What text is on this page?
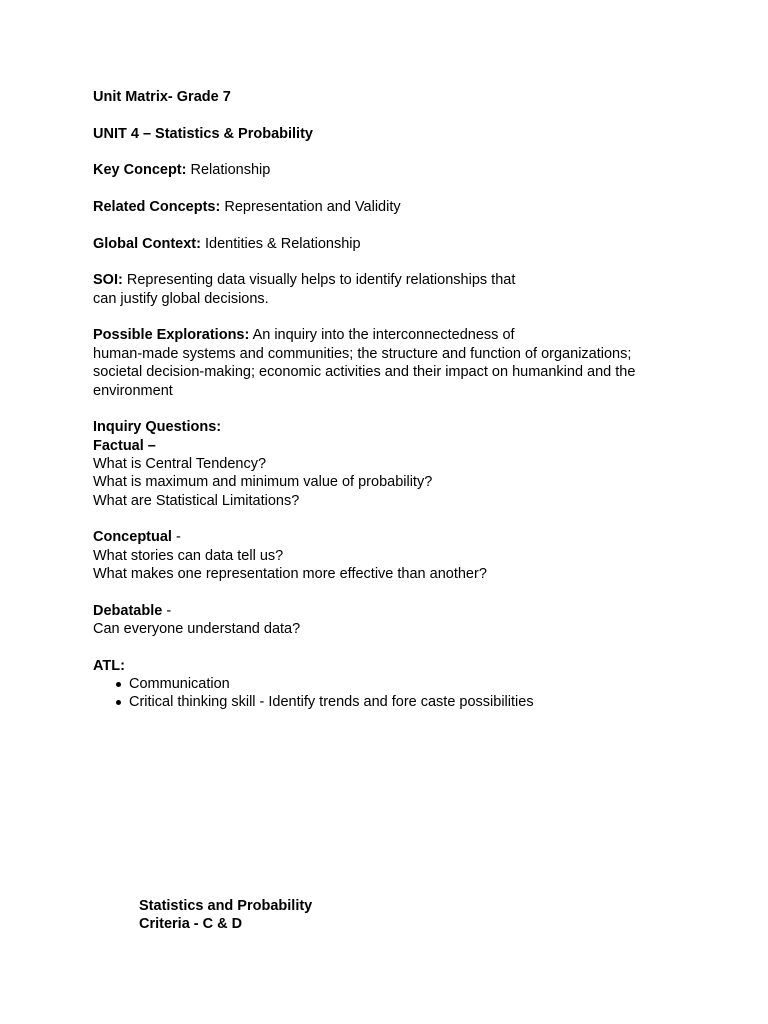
Unit Matrix- Grade 7
UNIT 4 – Statistics & Probability
Key Concept: Relationship
Related Concepts: Representation and Validity
Global Context: Identities & Relationship
SOI: Representing data visually helps to identify relationships that
can justify global decisions.
Possible Explorations: An inquiry into the interconnectedness of
human-made systems and communities; the structure and function of organizations;
societal decision-making; economic activities and their impact on humankind and the
environment
Inquiry Questions:
Factual –
What is Central Tendency?
What is maximum and minimum value of probability?
What are Statistical Limitations?
Conceptual -
What stories can data tell us?
What makes one representation more effective than another?
Debatable -
Can everyone understand data?
ATL:
Communication
Critical thinking skill - Identify trends and fore caste possibilities
Statistics and Probability
Criteria - C & D
